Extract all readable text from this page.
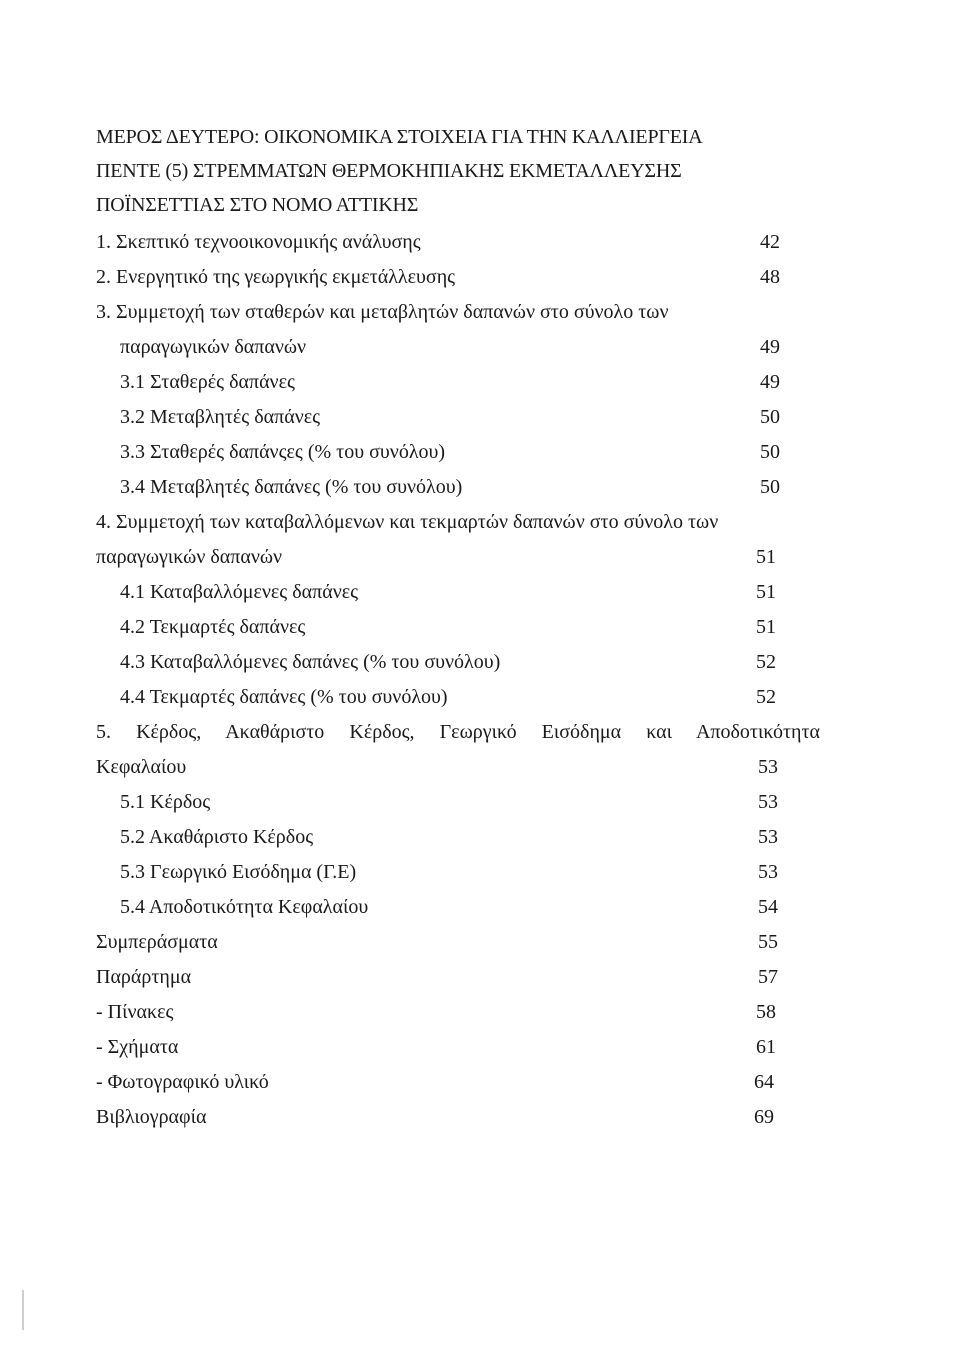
ΜΕΡΟΣ ΔΕΥΤΕΡΟ: ΟΙΚΟΝΟΜΙΚΑ ΣΤΟΙΧΕΙΑ ΓΙΑ ΤΗΝ ΚΑΛΛΙΕΡΓΕΙΑ
ΠΕΝΤΕ (5) ΣΤΡΕΜΜΑΤΩΝ ΘΕΡΜΟΚΗΠΙΑΚΗΣ ΕΚΜΕΤΑΛΛΕΥΣΗΣ
ΠΟΪΝΣΕΤΤΙΑΣ ΣΤΟ ΝΟΜΟ ΑΤΤΙΚΗΣ
1. Σκεπτικό τεχνοοικονομικής ανάλυσης	42
2. Ενεργητικό της γεωργικής εκμετάλλευσης	48
3. Συμμετοχή των σταθερών και μεταβλητών δαπανών στο σύνολο των
παραγωγικών δαπανών	49
3.1 Σταθερές δαπάνες	49
3.2 Μεταβλητές δαπάνες	50
3.3 Σταθερές δαπάνςες (% του συνόλου)	50
3.4 Μεταβλητές δαπάνες (% του συνόλου)	50
4. Συμμετοχή των καταβαλλόμενων και τεκμαρτών δαπανών στο σύνολο των
παραγωγικών δαπανών	51
4.1 Καταβαλλόμενες δαπάνες	51
4.2 Τεκμαρτές δαπάνες	51
4.3 Καταβαλλόμενες δαπάνες (% του συνόλου)	52
4.4 Τεκμαρτές δαπάνες (% του συνόλου)	52
5. Κέρδος, Ακαθάριστο Κέρδος, Γεωργικό Εισόδημα και Αποδοτικότητα
Κεφαλαίου	53
5.1 Κέρδος	53
5.2 Ακαθάριστο Κέρδος	53
5.3 Γεωργικό Εισόδημα (Γ.Ε)	53
5.4 Αποδοτικότητα Κεφαλαίου	54
Συμπεράσματα	55
Παράρτημα	57
- Πίνακες	58
- Σχήματα	61
- Φωτογραφικό υλικό	64
Βιβλιογραφία	69
